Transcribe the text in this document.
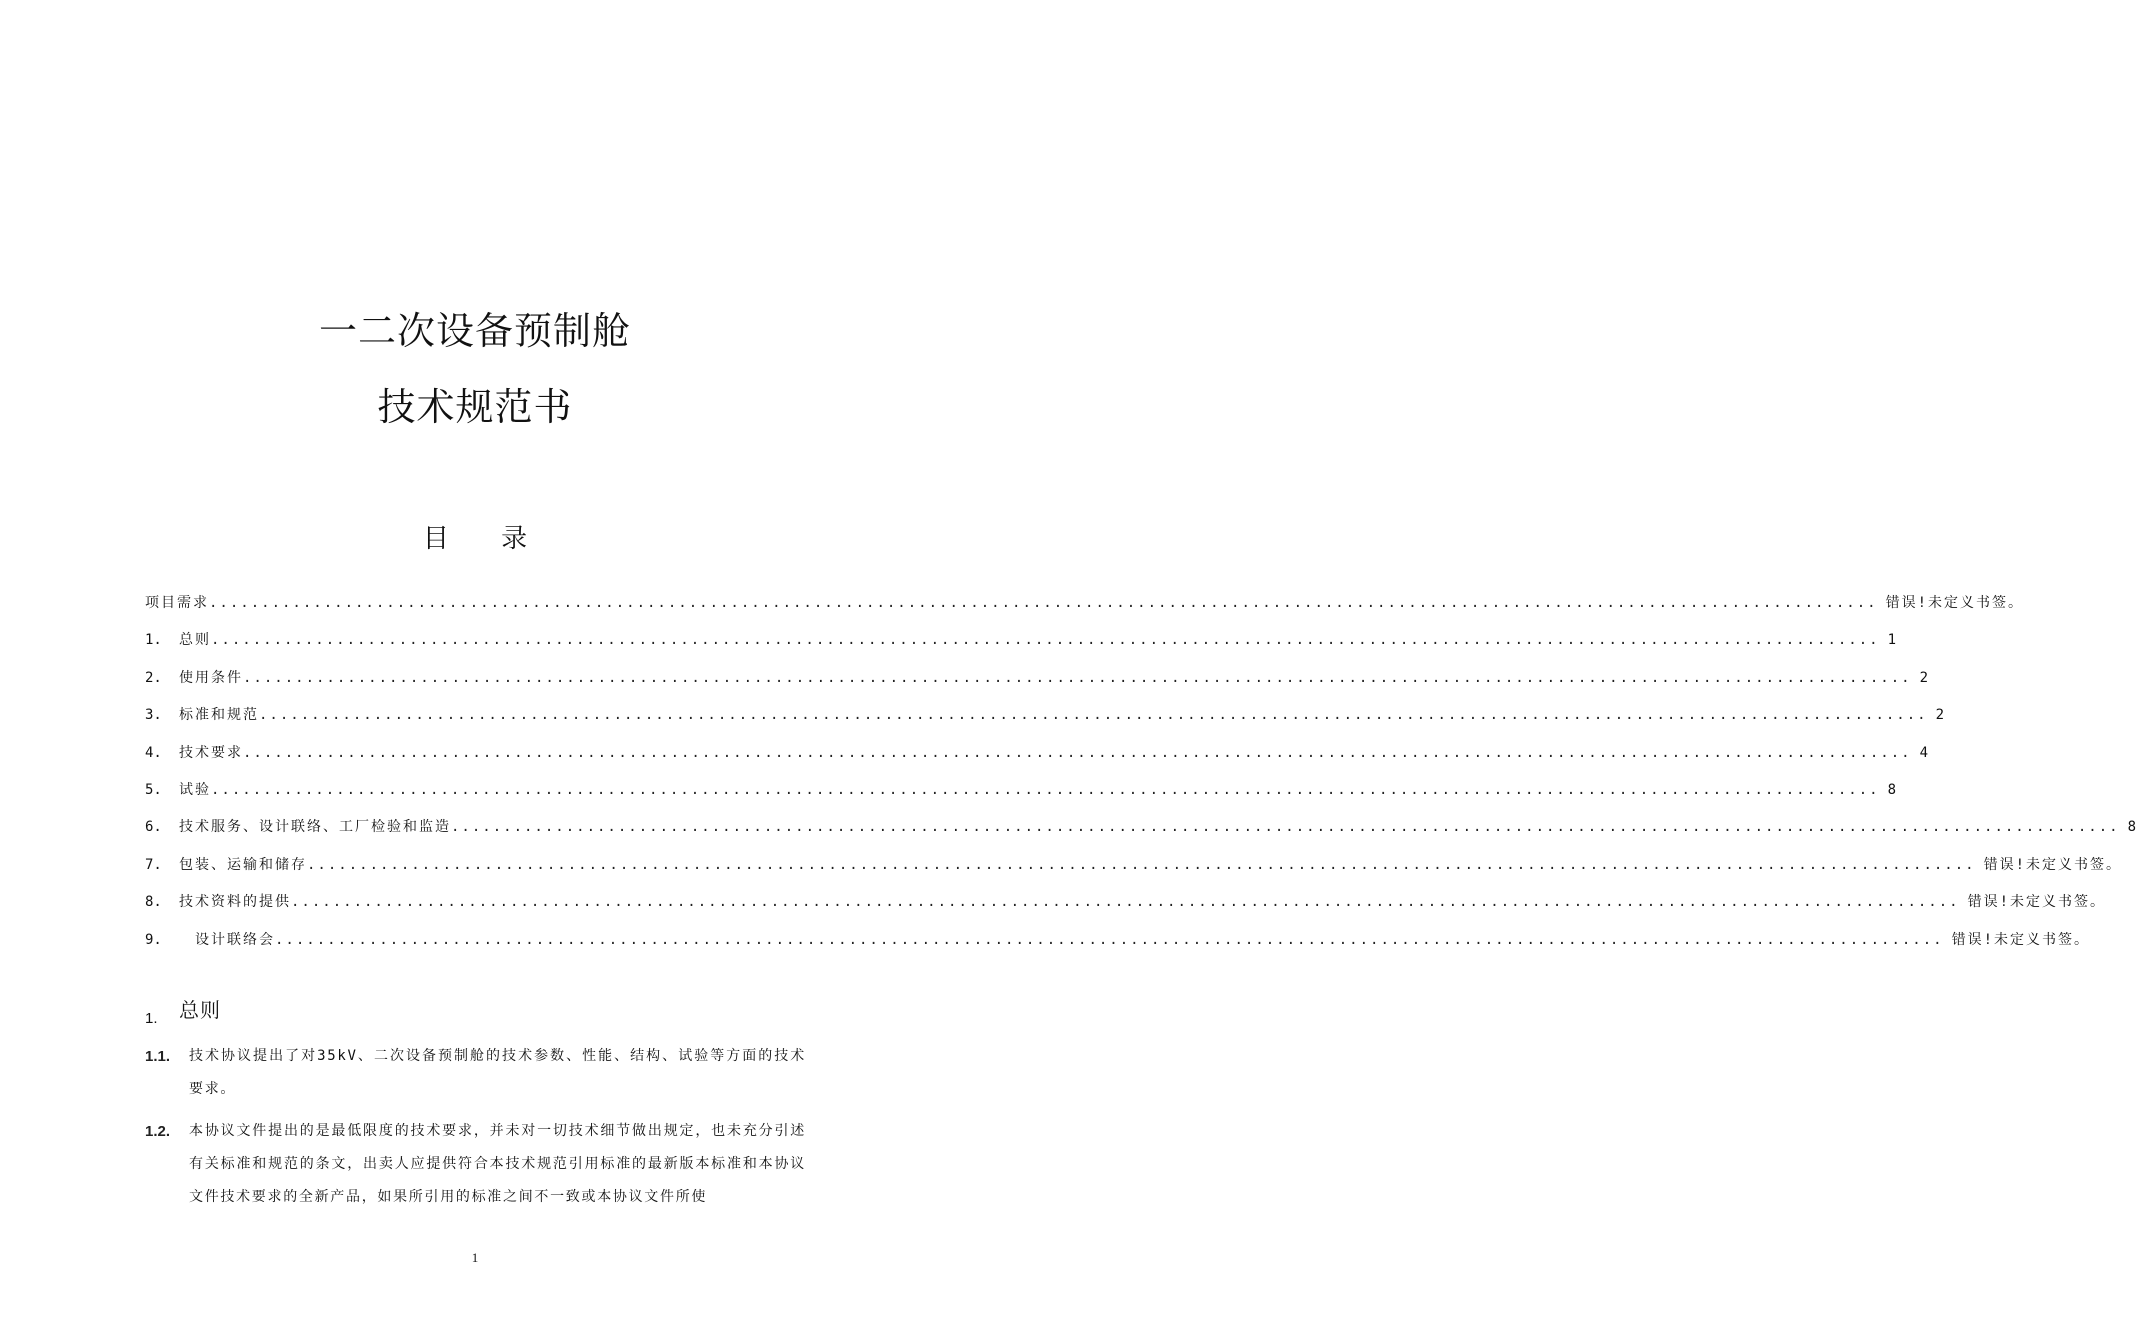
一二次设备预制舱
技术规范书
目 录
项目需求 ................................................................................................................................................................ 错误!未定义书签。
1.	总则 ................................................................................................................................................................ 1
2.	使用条件 ................................................................................................................................................................ 2
3.	标准和规范 ................................................................................................................................................................ 2
4.	技术要求 ................................................................................................................................................................ 4
5.	试验 ................................................................................................................................................................ 8
6.	技术服务、设计联络、工厂检验和监造 ................................................................................................................................................................ 8
7.	包装、运输和储存 ................................................................................................................................................................ 错误!未定义书签。
8.	技术资料的提供 ................................................................................................................................................................ 错误!未定义书签。
9.	设计联络会 ................................................................................................................................................................ 错误!未定义书签。
1.	总则
1.1. 技术协议提出了对35kV、二次设备预制舱的技术参数、性能、结构、试验等方面的技术要求。
1.2. 本协议文件提出的是最低限度的技术要求，并未对一切技术细节做出规定，也未充分引述有关标准和规范的条文，出卖人应提供符合本技术规范引用标准的最新版本标准和本协议文件技术要求的全新产品，如果所引用的标准之间不一致或本协议文件所使
1
